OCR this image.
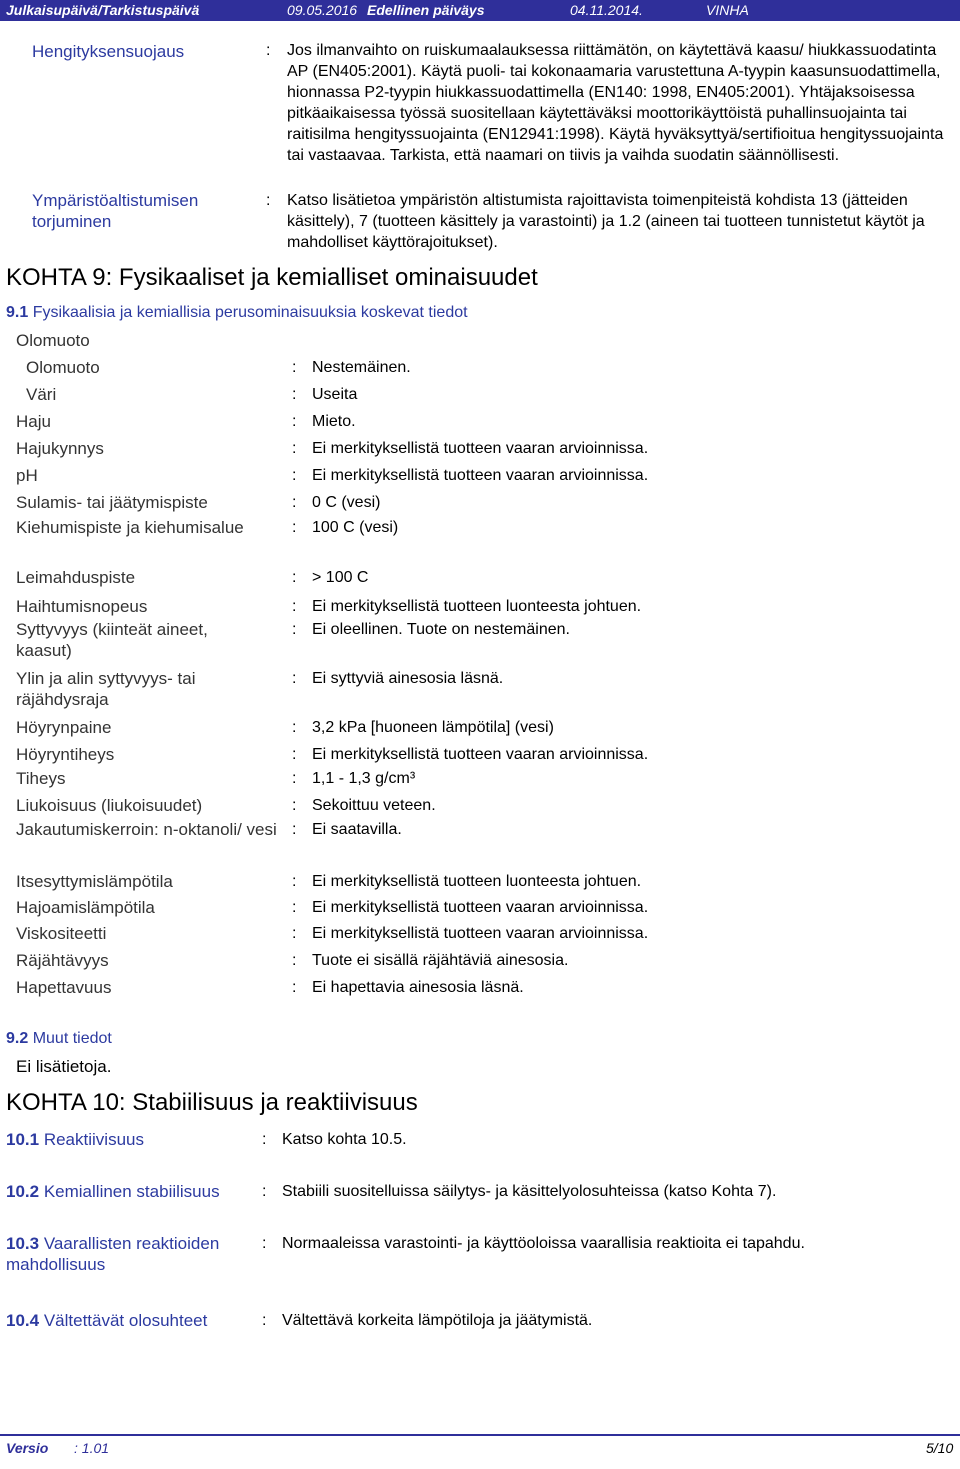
Julkaisupäivä/Tarkistuspäivä	09.05.2016 Edellinen päiväys	04.11.2014.	VINHA
Hengityksensuojaus	: Jos ilmanvaihto on ruiskumaalauksessa riittämätön, on käytettävä kaasu/ hiukkassuodatinta AP (EN405:2001). Käytä puoli- tai kokonaamaria varustettuna A-tyypin kaasunsuodattimella, hionnassa P2-tyypin hiukkassuodattimella (EN140: 1998, EN405:2001). Yhtäjaksoisessa pitkäaikaisessa työssä suositellaan käytettäväksi moottorikäyttöistä puhallinsuojainta tai raitisilma hengityssuojainta (EN12941:1998). Käytä hyväksyttyä/sertifioitua hengityssuojainta tai vastaavaa. Tarkista, että naamari on tiivis ja vaihda suodatin säännöllisesti.
Ympäristöaltistumisen
torjuminen
: Katso lisätietoa ympäristön altistumista rajoittavista toimenpiteistä kohdista 13 (jätteiden käsittely), 7 (tuotteen käsittely ja varastointi) ja 1.2 (aineen tai tuotteen tunnistetut käytöt ja mahdolliset käyttörajoitukset).
KOHTA 9: Fysikaaliset ja kemialliset ominaisuudet
9.1 Fysikaalisia ja kemiallisia perusominaisuuksia koskevat tiedot
Olomuoto
Olomuoto	: Nestemäinen.
Väri	: Useita
Haju	: Mieto.
Hajukynnys	: Ei merkityksellistä tuotteen vaaran arvioinnissa.
pH	: Ei merkityksellistä tuotteen vaaran arvioinnissa.
Sulamis- tai jäätymispiste	: 0 C (vesi)
Kiehumispiste ja kiehumisalue	: 100 C (vesi)
Leimahduspiste	: > 100 C
Haihtumisnopeus	: Ei merkityksellistä tuotteen luonteesta johtuen.
Syttyvyys (kiinteät aineet, kaasut)
: Ei oleellinen. Tuote on nestemäinen.
Ylin ja alin syttyvyys- tai räjähdysraja
: Ei syttyviä ainesosia läsnä.
Höyrynpaine	: 3,2 kPa [huoneen lämpötila] (vesi)
Höyryntiheys	: Ei merkityksellistä tuotteen vaaran arvioinnissa.
Tiheys	: 1,1 - 1,3 g/cm³
Liukoisuus (liukoisuudet)	: Sekoittuu veteen.
Jakautumiskerroin: n-oktanoli/ vesi : Ei saatavilla.
Itsesyttymislämpötila	: Ei merkityksellistä tuotteen luonteesta johtuen.
Hajoamislämpötila	: Ei merkityksellistä tuotteen vaaran arvioinnissa.
Viskositeetti	: Ei merkityksellistä tuotteen vaaran arvioinnissa.
Räjähtävyys	: Tuote ei sisällä räjähtäviä ainesosia.
Hapettavuus	: Ei hapettavia ainesosia läsnä.
9.2 Muut tiedot
Ei lisätietoja.
KOHTA 10: Stabiilisuus ja reaktiivisuus
10.1 Reaktiivisuus	: Katso kohta 10.5.
10.2 Kemiallinen stabiilisuus	: Stabiili suositelluissa säilytys- ja käsittelyolosuhteissa (katso Kohta 7).
10.3 Vaarallisten reaktioiden mahdollisuus
: Normaaleissa varastointi- ja käyttöoloissa vaarallisia reaktioita ei tapahdu.
10.4 Vältettävät olosuhteet	: Vältettävä korkeita lämpötiloja ja jäätymistä.
Versio : 1.01	5/10
